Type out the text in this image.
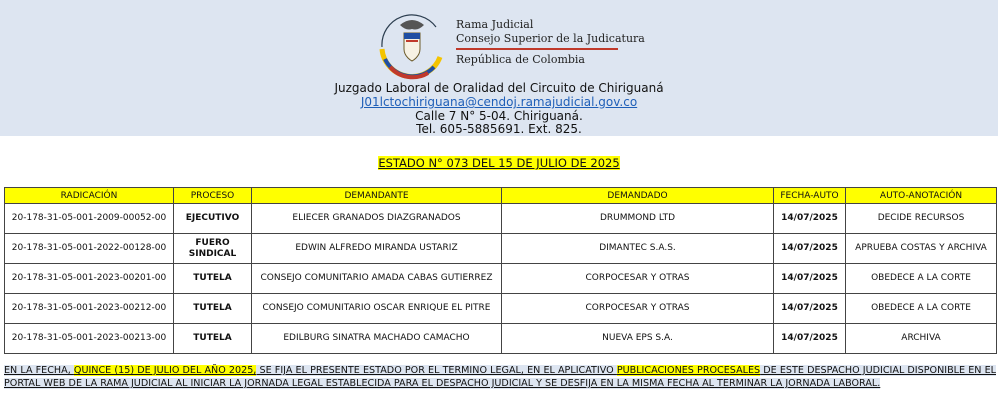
Rama Judicial
Consejo Superior de la Judicatura
República de Colombia
Juzgado Laboral de Oralidad del Circuito de Chiriguaná
J01lctochiriguana@cendoj.ramajudicial.gov.co
Calle 7 N° 5-04. Chiriguaná.
Tel. 605-5885691. Ext. 825.
ESTADO N° 073 DEL 15 DE JULIO DE 2025
RADICACIÓN	PROCESO	DEMANDANTE	DEMANDADO	FECHA-AUTO	AUTO-ANOTACIÓN
20-178-31-05-001-2009-00052-00	EJECUTIVO	ELIECER GRANADOS DIAZGRANADOS	DRUMMOND LTD	14/07/2025	DECIDE RECURSOS
20-178-31-05-001-2022-00128-00	FUERO SINDICAL	EDWIN ALFREDO MIRANDA USTARIZ	DIMANTEC S.A.S.	14/07/2025	APRUEBA COSTAS Y ARCHIVA
20-178-31-05-001-2023-00201-00	TUTELA	CONSEJO COMUNITARIO AMADA CABAS GUTIERREZ	CORPOCESAR Y OTRAS	14/07/2025	OBEDECE A LA CORTE
20-178-31-05-001-2023-00212-00	TUTELA	CONSEJO COMUNITARIO OSCAR ENRIQUE EL PITRE	CORPOCESAR Y OTRAS	14/07/2025	OBEDECE A LA CORTE
20-178-31-05-001-2023-00213-00	TUTELA	EDILBURG SINATRA MACHADO CAMACHO	NUEVA EPS S.A.	14/07/2025	ARCHIVA
EN LA FECHA, QUINCE (15) DE JULIO DEL AÑO 2025, SE FIJA EL PRESENTE ESTADO POR EL TERMINO LEGAL, EN EL APLICATIVO PUBLICACIONES PROCESALES DE ESTE DESPACHO JUDICIAL DISPONIBLE EN EL PORTAL WEB DE LA RAMA JUDICIAL AL INICIAR LA JORNADA LEGAL ESTABLECIDA PARA EL DESPACHO JUDICIAL Y SE DESFIJA EN LA MISMA FECHA AL TERMINAR LA JORNADA LABORAL.
